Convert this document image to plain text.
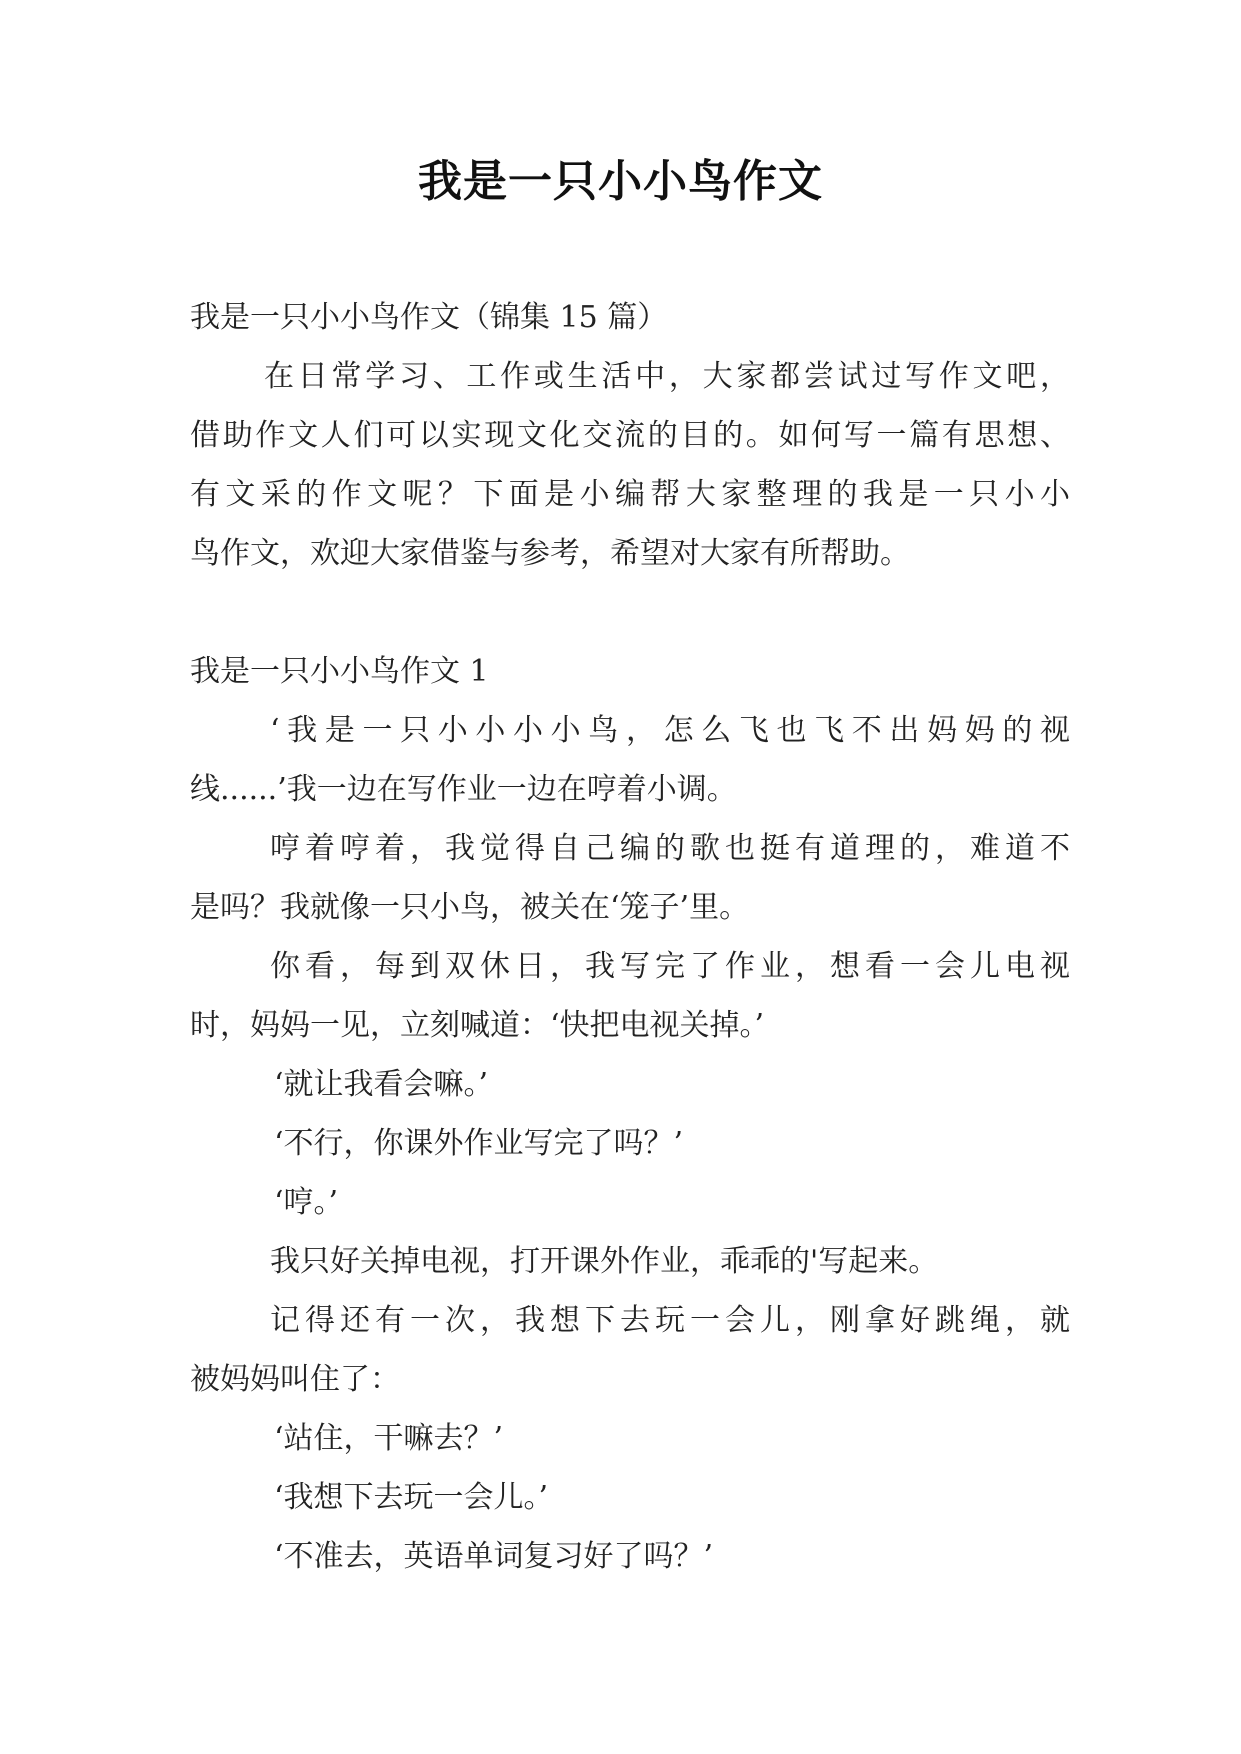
我是一只小小鸟作文
我是一只小小鸟作文（锦集 15 篇）
在日常学习、工作或生活中，大家都尝试过写作文吧，
借助作文人们可以实现文化交流的目的。如何写一篇有思想、
有文采的作文呢？下面是小编帮大家整理的我是一只小小
鸟作文，欢迎大家借鉴与参考，希望对大家有所帮助。
我是一只小小鸟作文 1
‘我是一只小小小小鸟，怎么飞也飞不出妈妈的视
线......’我一边在写作业一边在哼着小调。
哼着哼着，我觉得自己编的歌也挺有道理的，难道不
是吗？我就像一只小鸟，被关在‘笼子’里。
你看，每到双休日，我写完了作业，想看一会儿电视
时，妈妈一见，立刻喊道：‘快把电视关掉。’
‘就让我看会嘛。’
‘不行，你课外作业写完了吗？’
‘哼。’
我只好关掉电视，打开课外作业，乖乖的'写起来。
记得还有一次，我想下去玩一会儿，刚拿好跳绳，就
被妈妈叫住了：
‘站住，干嘛去？’
‘我想下去玩一会儿。’
‘不准去，英语单词复习好了吗？’
